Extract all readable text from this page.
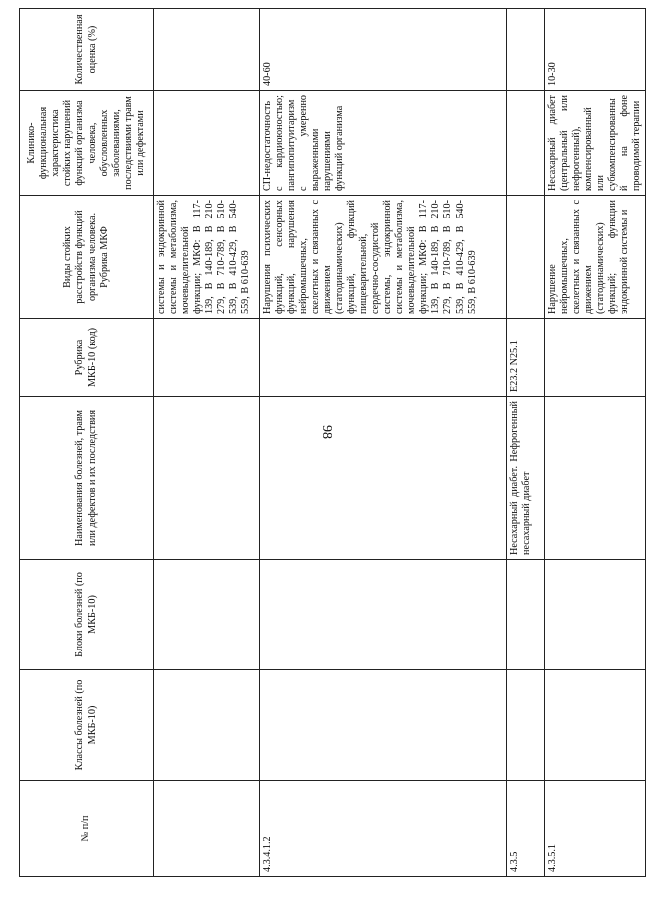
98
№ п/п	Классы болезней (по МКБ-10)	Блоки болезней (по МКБ-10)	Наименования болезней, травм или дефектов и их последствия	Рубрика МКБ-10 (код)	Виды стойких расстройств функций организма человека. Рубрика МКФ	Клинико-функциональная характеристика стойких нарушений функций организма человека, обусловленных заболеваниями, последствиями травм или дефектами	Количественная оценка (%)
					системы и эндокринной системы и метаболизма, мочевыделительной функции; МКФ: В 117-139, В 140-189, В 210-279, В 710-789, В 510-539, В 410-429, В 540-559, В 610-639		
4.3.4.1.2					Нарушения психических функций, сенсорных функций, нарушения нейромышечных, скелетных и связанных с движением (статодинамических) функций, функций пищеварительной, сердечно-сосудистой системы, эндокринной системы и метаболизма, мочевыделительной функции; МКФ: В 117-139, В 140-189, В 210-279, В 710-789, В 510-539, В 410-429, В 540-559, В 610-639	СП-недостаточность с кардиоюностью; пангипопитуитаризм с умеренно выраженными нарушениями функций организма	40-60
4.3.5			Несахарный диабет. Нефрогенный несахарный диабет	E23.2 N25.1			
4.3.5.1					Нарушение нейромышечных, скелетных и связанных с движением (статодинамических) функций; функции эндокринной системы и	Несахарный диабет (центральный или нефрогенный), компенсированный или субкомпенсированный на фоне проводимой терапии	10-30
